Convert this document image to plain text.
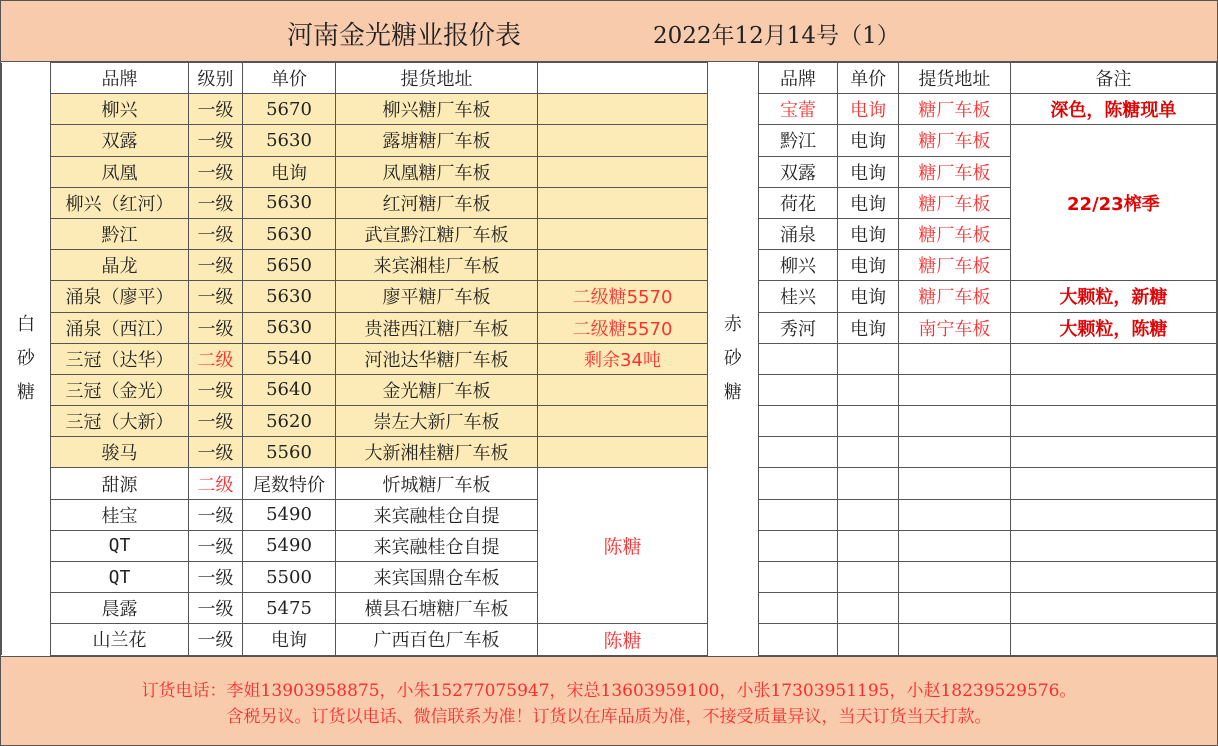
河南金光糖业报价表	2022年12月14号（1）
白
砂
糖	品牌	级别	单价	提货地址	
	柳兴	一级	5670	柳兴糖厂车板	
	双露	一级	5630	露塘糖厂车板	
	凤凰	一级	电询	凤凰糖厂车板	
	柳兴（红河）	一级	5630	红河糖厂车板	
	黔江	一级	5630	武宣黔江糖厂车板	
	晶龙	一级	5650	来宾湘桂厂车板	
	涌泉（廖平）	一级	5630	廖平糖厂车板	二级糖5570
	涌泉（西江）	一级	5630	贵港西江糖厂车板	二级糖5570
	三冠（达华）	二级	5540	河池达华糖厂车板	剩余34吨
	三冠（金光）	一级	5640	金光糖厂车板	
	三冠（大新）	一级	5620	崇左大新厂车板	
	骏马	一级	5560	大新湘桂糖厂车板	
	甜源	二级	尾数特价	忻城糖厂车板	陈糖
	桂宝	一级	5490	来宾融桂仓自提	
	QT	一级	5490	来宾融桂仓自提	
	QT	一级	5500	来宾国鼎仓车板	
	晨露	一级	5475	横县石塘糖厂车板	
	山兰花	一级	电询	广西百色厂车板	陈糖
赤
砂
糖	品牌	单价	提货地址	备注
	宝蕾	电询	糖厂车板	深色，陈糖现单
	黔江	电询	糖厂车板	22/23榨季
	双露	电询	糖厂车板	
	荷花	电询	糖厂车板	
	涌泉	电询	糖厂车板	
	柳兴	电询	糖厂车板	
	桂兴	电询	糖厂车板	大颗粒，新糖
	秀河	电询	南宁车板	大颗粒，陈糖

订货电话：李姐13903958875，小朱15277075947，宋总13603959100，小张17303951195，小赵18239529576。
含税另议。订货以电话、微信联系为准！订货以在库品质为准，不接受质量异议，当天订货当天打款。
